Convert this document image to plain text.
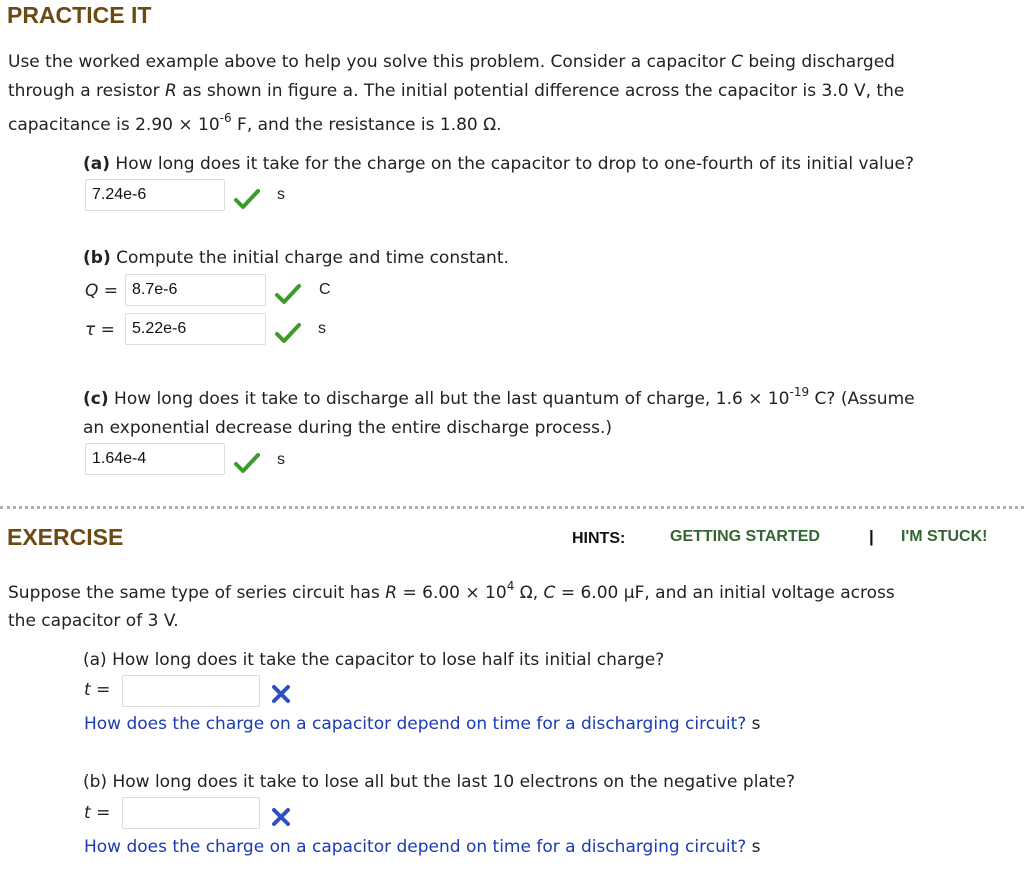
PRACTICE IT
Use the worked example above to help you solve this problem. Consider a capacitor C being discharged
through a resistor R as shown in figure a. The initial potential difference across the capacitor is 3.0 V, the
capacitance is $2.90 \times 10^{-6}$ F, and the resistance is 1.80 Ω.
(a) How long does it take for the charge on the capacitor to drop to one-fourth of its initial value?
7.24e-6	s
(b) Compute the initial charge and time constant.
Q = 8.7e-6	C
τ =	5.22e-6	s
(c) How long does it take to discharge all but the last quantum of charge, $1.6 \times 10^{-19}$ C? (Assume
an exponential decrease during the entire discharge process.)
1.64e-4	s
EXERCISE	HINTS:	GETTING STARTED	| I'M STUCK!
Suppose the same type of series circuit has $R = 6.00 \times 10^4$ Ω, C = 6.00 μF, and an initial voltage across
the capacitor of 3 V.
(a) How long does it take the capacitor to lose half its initial charge?
t =
How does the charge on a capacitor depend on time for a discharging circuit? s
(b) How long does it take to lose all but the last 10 electrons on the negative plate?
t =
How does the charge on a capacitor depend on time for a discharging circuit? s
